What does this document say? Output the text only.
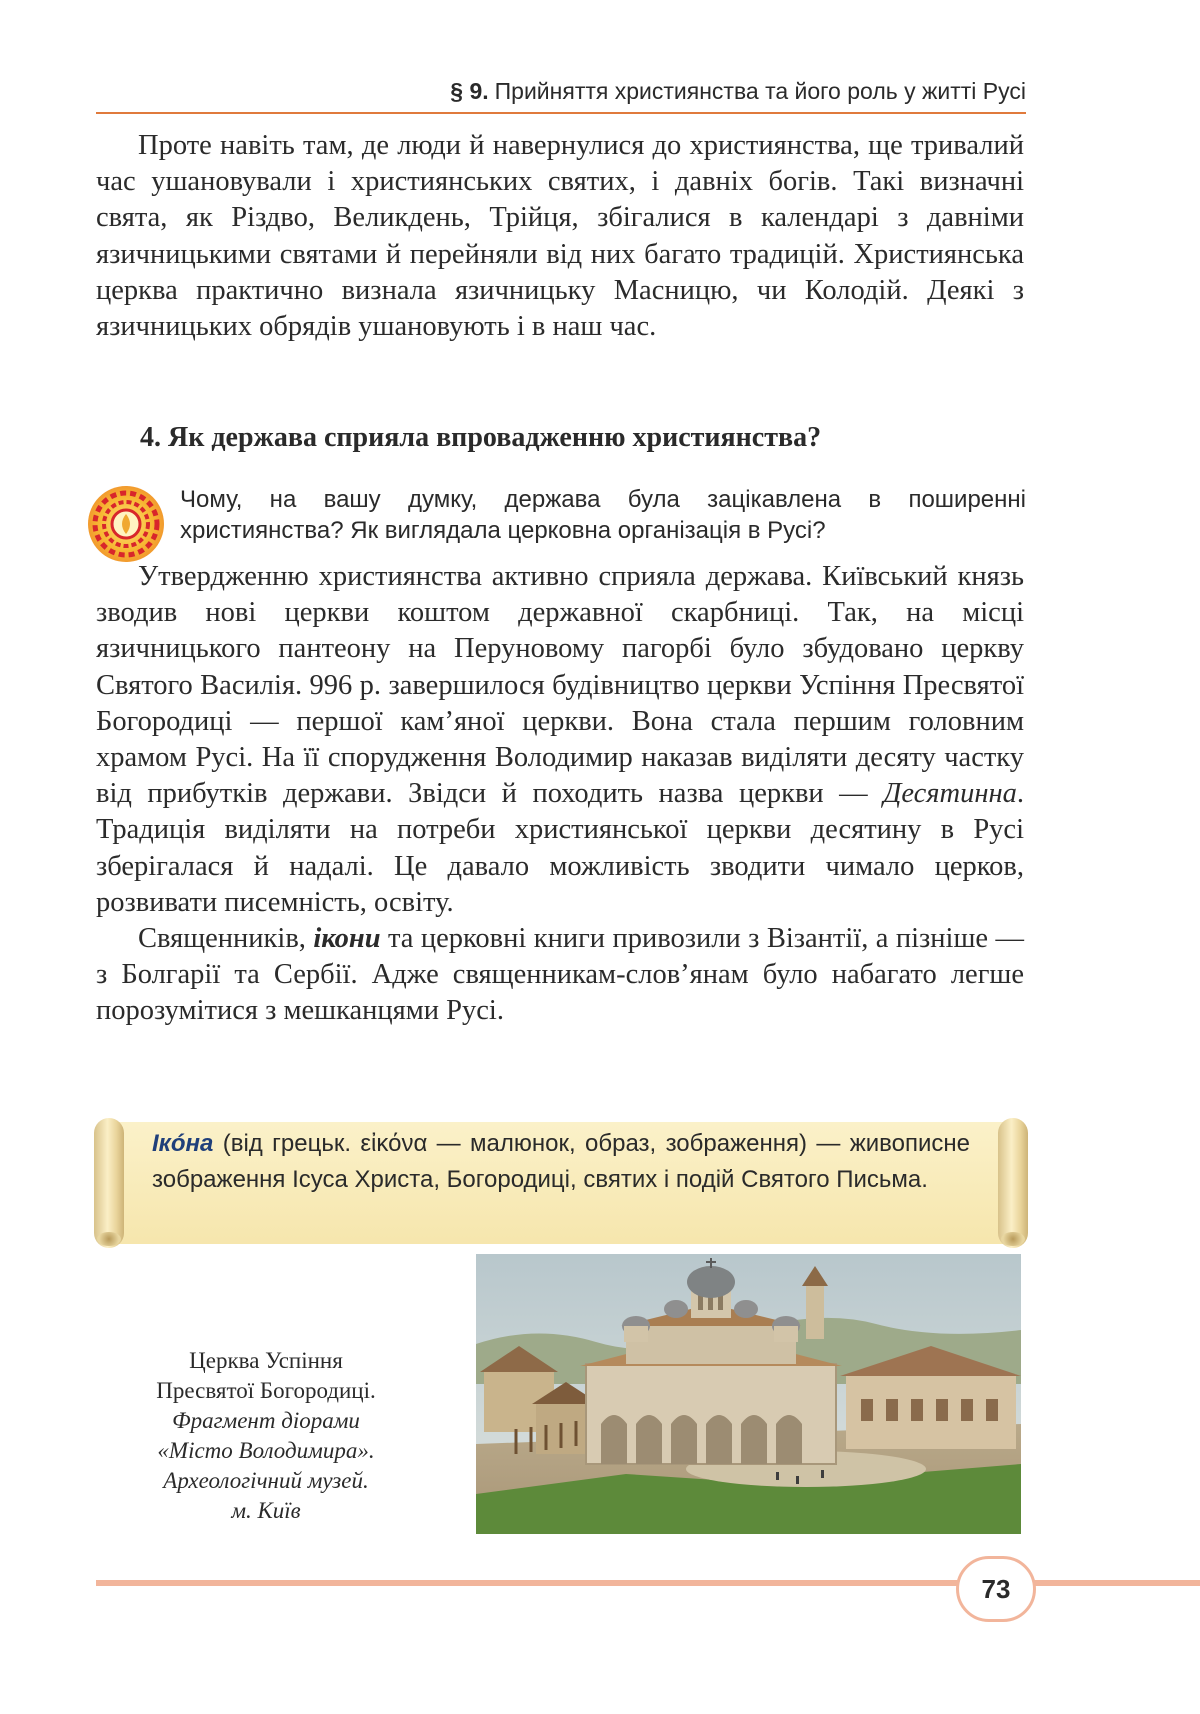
§ 9. Прийняття християнства та його роль у житті Русі

Проте навіть там, де люди й навернулися до християнства, ще тривалий час ушановували і християнських святих, і давніх богів. Такі визначні свята, як Різдво, Великдень, Трійця, збігалися в календарі з давніми язичницькими святами й перейняли від них багато традицій. Християнська церква практично визнала язичницьку Масницю, чи Колодій. Деякі з язичницьких обрядів ушановують і в наш час.

4. Як держава сприяла впровадженню християнства?
Чому, на вашу думку, держава була зацікавлена в поширенні християнства? Як виглядала церковна організація в Русі?

Утвердженню християнства активно сприяла держава. Київський князь зводив нові церкви коштом державної скарбниці. Так, на місці язичницького пантеону на Перуновому пагорбі було збудовано церкву Святого Василія. 996 р. завершилося будівництво церкви Успіння Пресвятої Богородиці — першої кам’яної церкви. Вона стала першим головним храмом Русі. На її спорудження Володимир наказав виділяти десяту частку від прибутків держави. Звідси й походить назва церкви — Десятинна. Традиція виділяти на потреби християнської церкви десятину в Русі зберігалася й надалі. Це давало можливість зводити чимало церков, розвивати писемність, освіту.

Священників, ікони та церковні книги привозили з Візантії, а пізніше — з Болгарії та Сербії. Адже священникам-слов’янам було набагато легше порозумітися з мешканцями Русі.

Ікóна (від грецьк. εἰκόνα — малюнок, образ, зображення) — живописне зображення Ісуса Христа, Богородиці, святих і подій Святого Письма.
Церква Успіння
Пресвятої Богородиці.
Фрагмент діорами
«Місто Володимира».
Археологічний музей.
м. Київ
73
